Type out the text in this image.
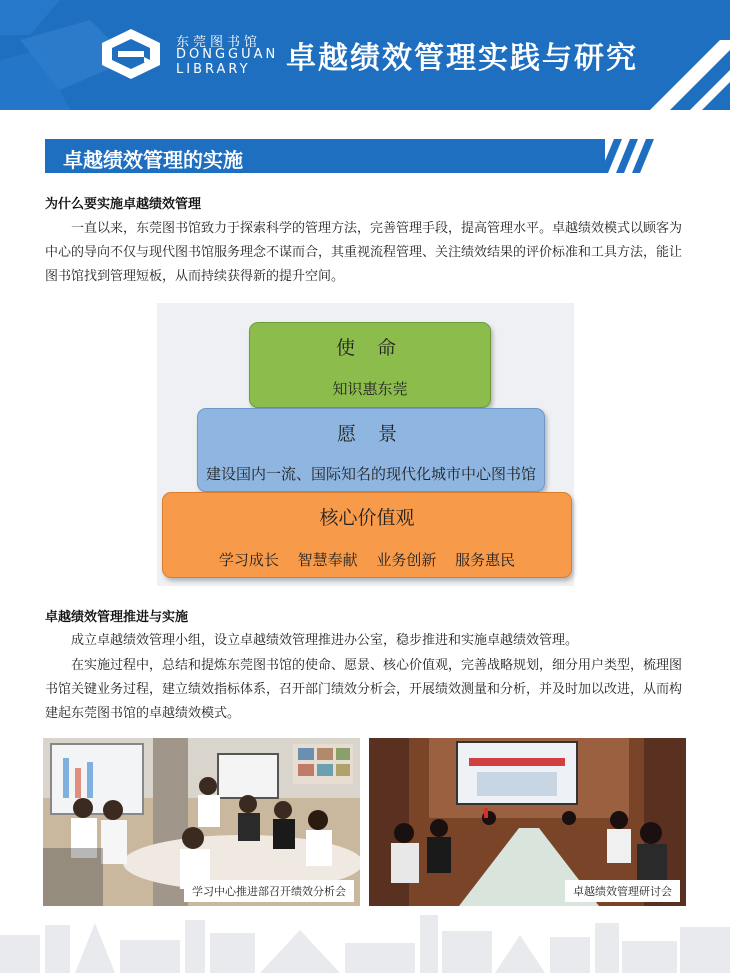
东莞图书馆
DONGGUAN
LIBRARY 卓越绩效管理实践与研究
卓越绩效管理的实施
为什么要实施卓越绩效管理

一直以来，东莞图书馆致力于探索科学的管理方法，完善管理手段，提高管理水平。卓越绩效模式以顾客为中心的导向不仅与现代图书馆服务理念不谋而合，其重视流程管理、关注绩效结果的评价标准和工具方法，能让图书馆找到管理短板，从而持续获得新的提升空间。

使 命
知识惠东莞
愿 景
建设国内一流、国际知名的现代化城市中心图书馆
核心价值观
学习成长 智慧奉献 业务创新 服务惠民
卓越绩效管理推进与实施

成立卓越绩效管理小组，设立卓越绩效管理推进办公室，稳步推进和实施卓越绩效管理。

在实施过程中，总结和提炼东莞图书馆的使命、愿景、核心价值观，完善战略规划，细分用户类型，梳理图书馆关键业务过程，建立绩效指标体系，召开部门绩效分析会，开展绩效测量和分析，并及时加以改进，从而构建起东莞图书馆的卓越绩效模式。

学习中心推进部召开绩效分析会	卓越绩效管理研讨会
